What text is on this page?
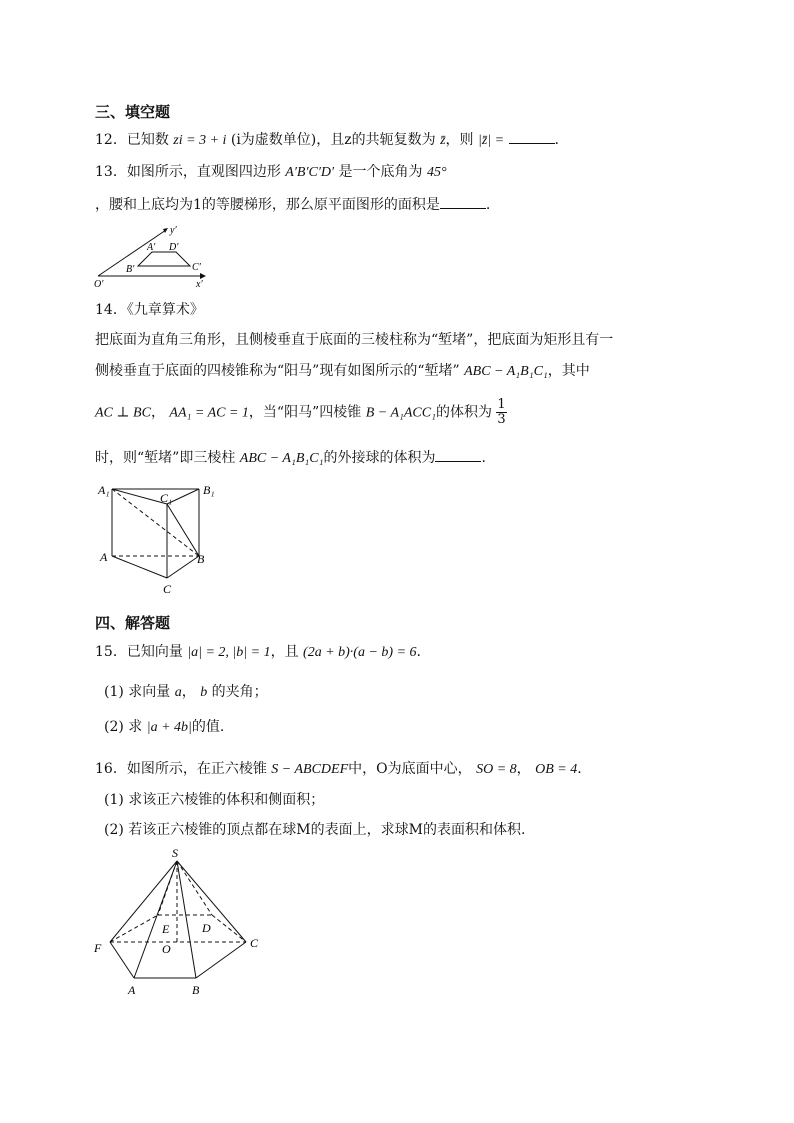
三、填空题
12．已知数 zi = 3 + i (i为虚数单位)，且z的共轭复数为 z̄，则 |z̄| =	.
13．如图所示，直观图四边形 A′B′C′D′ 是一个底角为 45°
，腰和上底均为1的等腰梯形，那么原平面图形的面积是	.
y′
x′
O′
A′ D′
B′	C′
14．《九章算术》
把底面为直角三角形，且侧棱垂直于底面的三棱柱称为“堑堵”，把底面为矩形且有一
侧棱垂直于底面的四棱锥称为“阳马”现有如图所示的“堑堵” ABC − A₁B₁C₁，其中
AC ⊥ BC， AA₁ = AC = 1，当“阳马”四棱锥 B − A₁ACC₁的体积为 $\frac{1}{3}$
时，则“堑堵”即三棱柱 ABC − A₁B₁C₁的外接球的体积为	.
A₁	B₁
C₁
A	B
C
四、解答题
15．已知向量 |a| = 2, |b| = 1，且 (2a + b)·(a − b) = 6.
(1) 求向量 a， b 的夹角；
(2) 求 |a + 4b|的值.
16．如图所示，在正六棱锥 S − ABCDEF中，O为底面中心， SO = 8， OB = 4.
(1) 求该正六棱锥的体积和侧面积；
(2) 若该正六棱锥的顶点都在球M的表面上，求球M的表面积和体积.
S
F	C
E	D
O
A	B
